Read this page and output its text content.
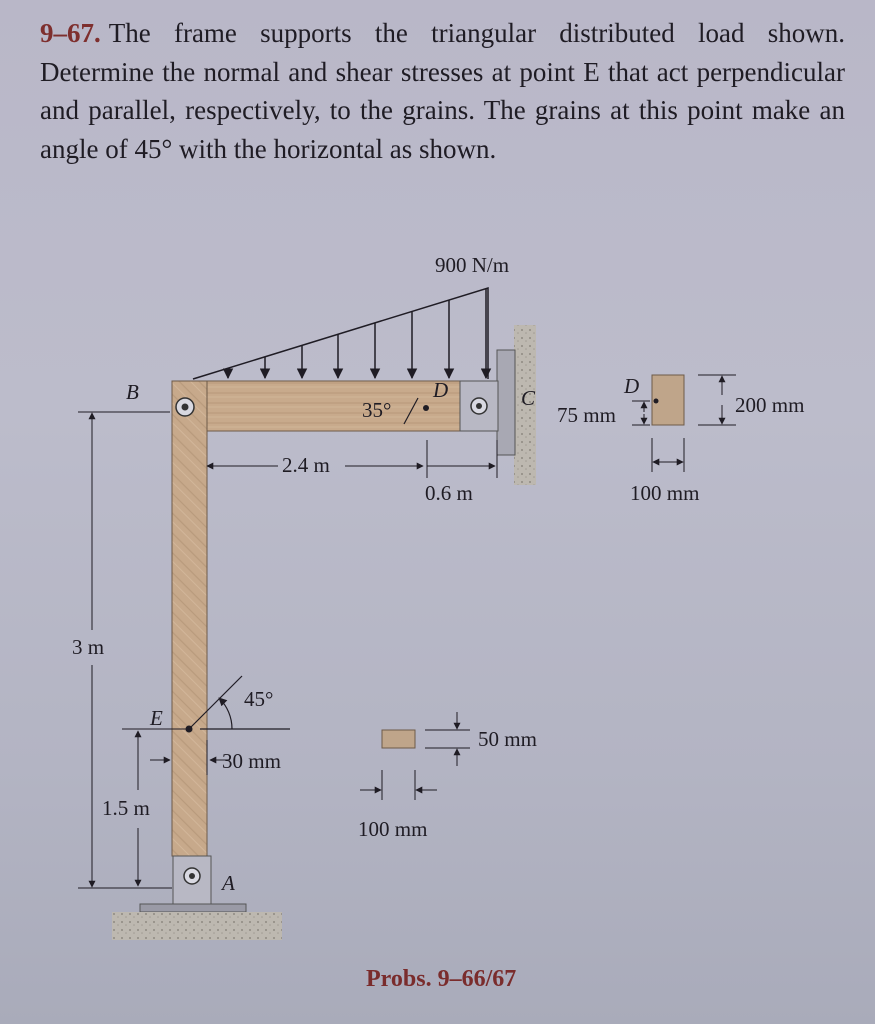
9–67. The frame supports the triangular distributed load shown. Determine the normal and shear stresses at point E that act perpendicular and parallel, respectively, to the grains. The grains at this point make an angle of 45° with the horizontal as shown.
900 N/m
45°
E
35°
D	C
B
A
2.4 m
0.6 m
3 m
1.5 m
30 mm
50 mm
100 mm
D
75 mm	200 mm
100 mm
Probs. 9–66/67
